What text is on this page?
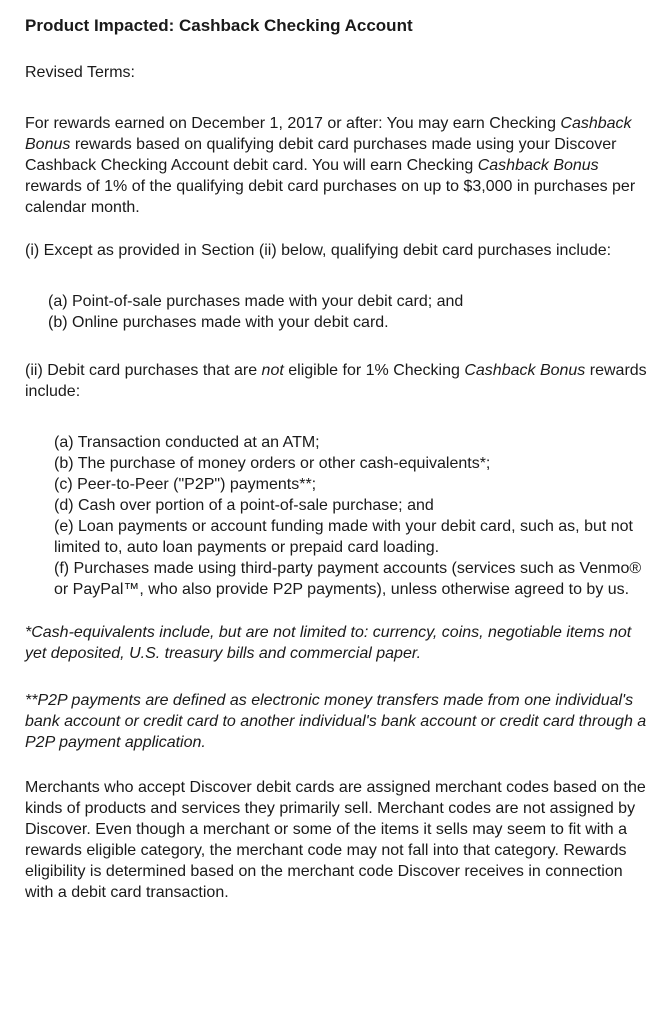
Product Impacted: Cashback Checking Account

Revised Terms:

For rewards earned on December 1, 2017 or after: You may earn Checking Cashback Bonus rewards based on qualifying debit card purchases made using your Discover Cashback Checking Account debit card. You will earn Checking Cashback Bonus rewards of 1% of the qualifying debit card purchases on up to $3,000 in purchases per calendar month.

(i) Except as provided in Section (ii) below, qualifying debit card purchases include:

(a) Point-of-sale purchases made with your debit card; and
(b) Online purchases made with your debit card.

(ii) Debit card purchases that are not eligible for 1% Checking Cashback Bonus rewards include:

(a) Transaction conducted at an ATM;
(b) The purchase of money orders or other cash-equivalents*;
(c) Peer-to-Peer ("P2P") payments**;
(d) Cash over portion of a point-of-sale purchase; and
(e) Loan payments or account funding made with your debit card, such as, but not limited to, auto loan payments or prepaid card loading.
(f) Purchases made using third-party payment accounts (services such as Venmo® or PayPal™, who also provide P2P payments), unless otherwise agreed to by us.

*Cash-equivalents include, but are not limited to: currency, coins, negotiable items not yet deposited, U.S. treasury bills and commercial paper.

**P2P payments are defined as electronic money transfers made from one individual's bank account or credit card to another individual's bank account or credit card through a P2P payment application.

Merchants who accept Discover debit cards are assigned merchant codes based on the kinds of products and services they primarily sell. Merchant codes are not assigned by Discover. Even though a merchant or some of the items it sells may seem to fit with a rewards eligible category, the merchant code may not fall into that category. Rewards eligibility is determined based on the merchant code Discover receives in connection with a debit card transaction.
